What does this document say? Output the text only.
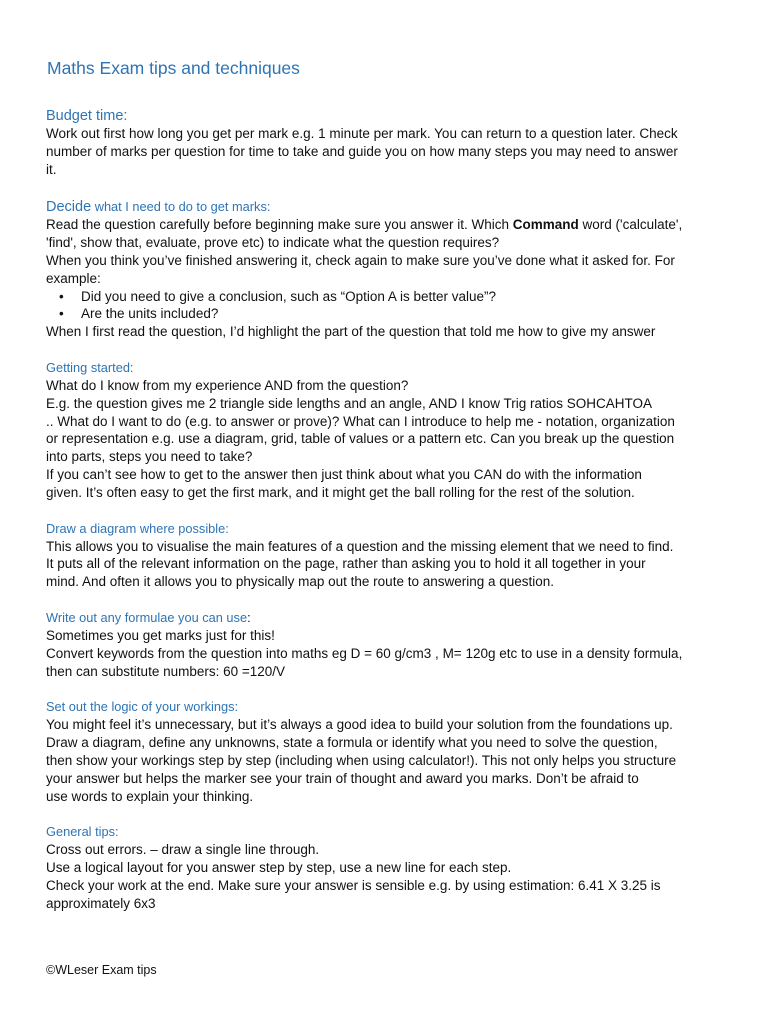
Maths Exam tips and techniques
Budget time:
Work out first how long you get per mark e.g. 1 minute per mark. You can return to a question later. Check
number of marks per question for time to take and guide you on how many steps you may need to answer
it.
Decide what I need to do to get marks:
Read the question carefully before beginning make sure you answer it. Which Command word ('calculate',
'find', show that, evaluate, prove etc) to indicate what the question requires?
When you think you’ve finished answering it, check again to make sure you’ve done what it asked for. For
example:
• Did you need to give a conclusion, such as “Option A is better value”?
• Are the units included?
When I first read the question, I’d highlight the part of the question that told me how to give my answer
Getting started:
What do I know from my experience AND from the question?
E.g. the question gives me 2 triangle side lengths and an angle, AND I know Trig ratios SOHCAHTOA
.. What do I want to do (e.g. to answer or prove)? What can I introduce to help me - notation, organization
or representation e.g. use a diagram, grid, table of values or a pattern etc. Can you break up the question
into parts, steps you need to take?
If you can’t see how to get to the answer then just think about what you CAN do with the information
given. It’s often easy to get the first mark, and it might get the ball rolling for the rest of the solution.
Draw a diagram where possible:
This allows you to visualise the main features of a question and the missing element that we need to find.
It puts all of the relevant information on the page, rather than asking you to hold it all together in your
mind. And often it allows you to physically map out the route to answering a question.
Write out any formulae you can use:
Sometimes you get marks just for this!
Convert keywords from the question into maths eg D = 60 g/cm3 , M= 120g etc to use in a density formula,
then can substitute numbers: 60 =120/V
Set out the logic of your workings:
You might feel it’s unnecessary, but it’s always a good idea to build your solution from the foundations up.
Draw a diagram, define any unknowns, state a formula or identify what you need to solve the question,
then show your workings step by step (including when using calculator!). This not only helps you structure
your answer but helps the marker see your train of thought and award you marks. Don’t be afraid to
use words to explain your thinking.
General tips:
Cross out errors. – draw a single line through.
Use a logical layout for you answer step by step, use a new line for each step.
Check your work at the end. Make sure your answer is sensible e.g. by using estimation: 6.41 X 3.25 is
approximately 6x3
©WLeser Exam tips
